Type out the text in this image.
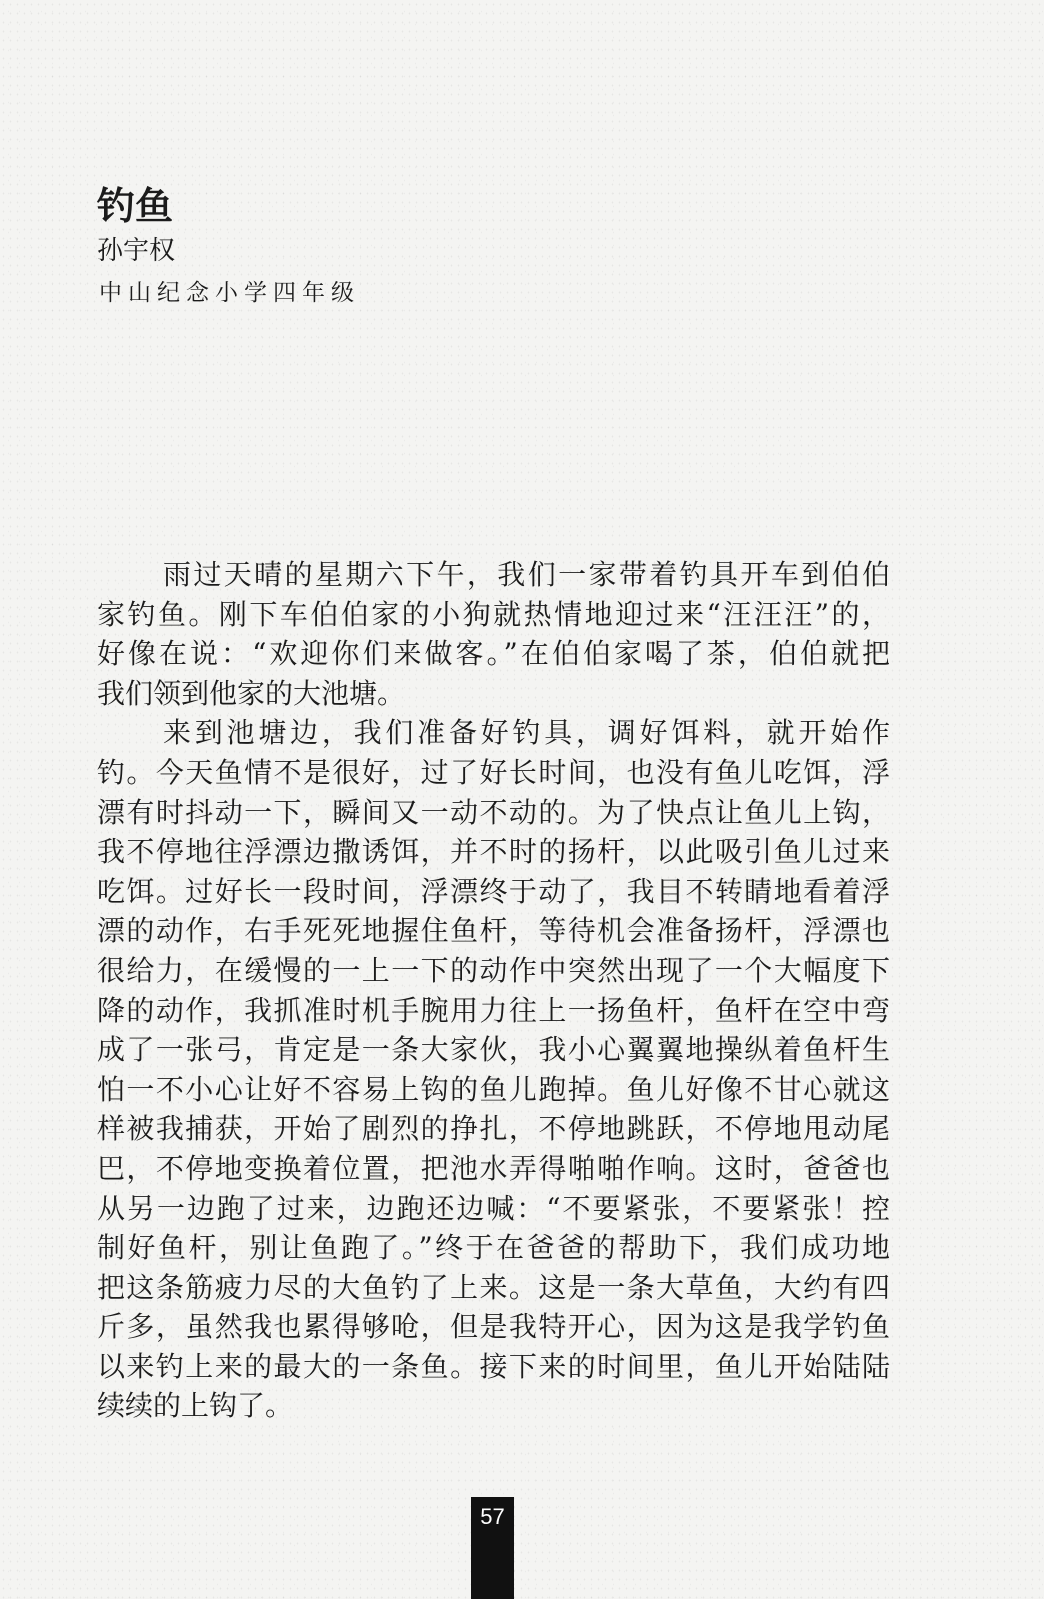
钓鱼
孙宇权
中山纪念小学四年级
雨过天晴的星期六下午，我们一家带着钓具开车到伯伯
家钓鱼。刚下车伯伯家的小狗就热情地迎过来“汪汪汪”的，
好像在说：“欢迎你们来做客。”在伯伯家喝了茶，伯伯就把
我们领到他家的大池塘。
来到池塘边，我们准备好钓具，调好饵料，就开始作
钓。今天鱼情不是很好，过了好长时间，也没有鱼儿吃饵，浮
漂有时抖动一下，瞬间又一动不动的。为了快点让鱼儿上钩，
我不停地往浮漂边撒诱饵，并不时的扬杆，以此吸引鱼儿过来
吃饵。过好长一段时间，浮漂终于动了，我目不转睛地看着浮
漂的动作，右手死死地握住鱼杆，等待机会准备扬杆，浮漂也
很给力，在缓慢的一上一下的动作中突然出现了一个大幅度下
降的动作，我抓准时机手腕用力往上一扬鱼杆，鱼杆在空中弯
成了一张弓，肯定是一条大家伙，我小心翼翼地操纵着鱼杆生
怕一不小心让好不容易上钩的鱼儿跑掉。鱼儿好像不甘心就这
样被我捕获，开始了剧烈的挣扎，不停地跳跃，不停地甩动尾
巴，不停地变换着位置，把池水弄得啪啪作响。这时，爸爸也
从另一边跑了过来，边跑还边喊：“不要紧张，不要紧张！控
制好鱼杆，别让鱼跑了。”终于在爸爸的帮助下，我们成功地
把这条筋疲力尽的大鱼钓了上来。这是一条大草鱼，大约有四
斤多，虽然我也累得够呛，但是我特开心，因为这是我学钓鱼
以来钓上来的最大的一条鱼。接下来的时间里，鱼儿开始陆陆
续续的上钩了。
57
